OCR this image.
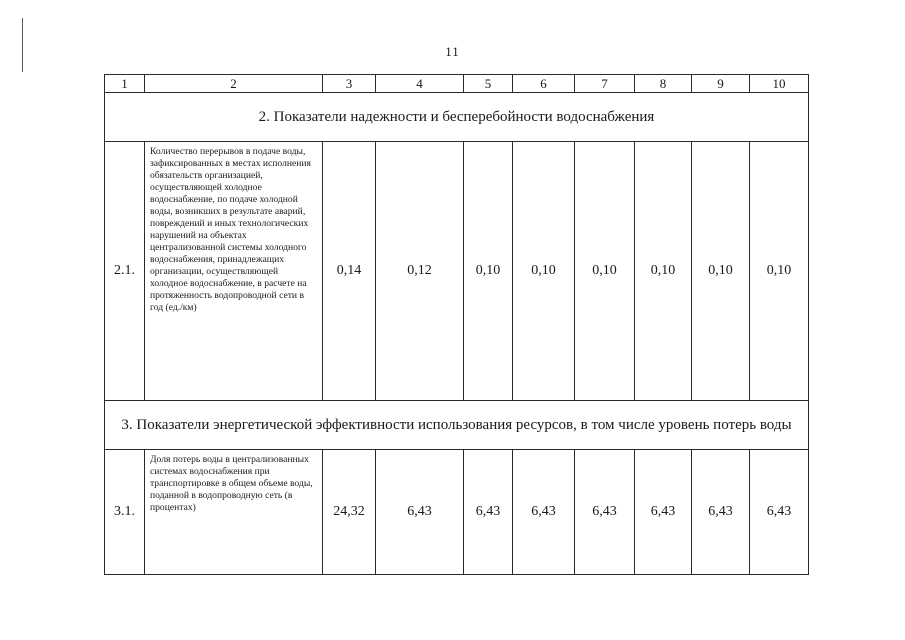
11
1	2	3	4	5	6	7	8	9	10
2. Показатели надежности и бесперебойности водоснабжения									
2.1.	Количество перерывов в подаче воды, зафиксированных в местах исполнения обязательств организацией, осуществляющей холодное водоснабжение, по подаче холодной воды, возникших в результате аварий, повреждений и иных технологических нарушений на объектах централизованной системы холодного водоснабжения, принадлежащих организации, осуществляющей холодное водоснабжение, в расчете на протяженность водопроводной сети в год (ед./км)	0,14	0,12	0,10	0,10	0,10	0,10	0,10	0,10
3. Показатели энергетической эффективности использования ресурсов, в том числе уровень потерь воды									
3.1.	Доля потерь воды в централизованных системах водоснабжения при транспортировке в общем объеме воды, поданной в водопроводную сеть (в процентах)	24,32	6,43	6,43	6,43	6,43	6,43	6,43	6,43
